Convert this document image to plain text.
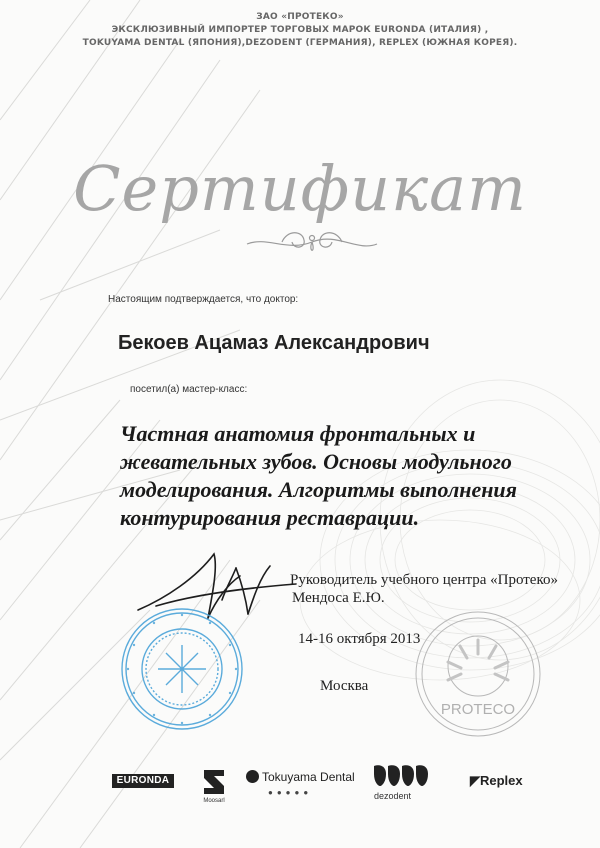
ЗАО «ПРОТЕКО»
ЭКСКЛЮЗИВНЫЙ ИМПОРТЕР ТОРГОВЫХ МАРОК EURONDA (ИТАЛИЯ) ,
TOKUYAMA DENTAL (ЯПОНИЯ),DEZODENT (ГЕРМАНИЯ), REPLEX (ЮЖНАЯ КОРЕЯ).
Сертификат
Настоящим подтверждается, что доктор:
Бекоев Ацамаз Александрович
посетил(а) мастер-класс:

Частная анатомия фронтальных и
жевательных зубов. Основы модульного
моделирования. Алгоритмы выполнения
контурирования реставрации.

Руководитель учебного центра «Протеко»
Мендоса Е.Ю.
14-16 октября 2013
Москва
PROTECO
EURONDA
Moosarl
Tokuyama Dental
●●●●●	dezodent
◤Replex
